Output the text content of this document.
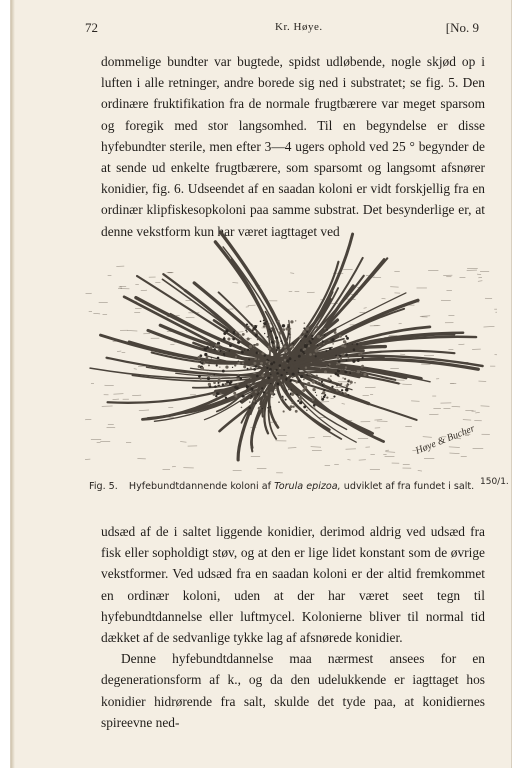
72	Kr. Høye.	[No. 9

dommelige bundter var bugtede, spidst udløbende, nogle skjød op i luften i alle retninger, andre borede sig ned i substratet; se fig. 5. Den ordinære fruktifikation fra de normale frugtbærere var meget sparsom og foregik med stor langsomhed. Til en begyndelse er disse hyfebundter sterile, men efter 3—4 ugers ophold ved 25 ° begynder de at sende ud enkelte frugtbærere, som sparsomt og langsomt afsnører konidier, fig. 6. Udseendet af en saadan koloni er vidt forskjellig fra en ordinær klipfiskesopkoloni paa samme substrat. Det besynderlige er, at denne vekstform kun har været iagttaget ved

Høye & Bucher
Fig. 5. Hyfebundtdannende koloni af Torula epizoa, udviklet af fra fundet i salt. 150/1.

udsæd af de i saltet liggende konidier, derimod aldrig ved udsæd fra fisk eller sopholdigt støv, og at den er lige lidet konstant som de øvrige vekstformer. Ved udsæd fra en saadan koloni er der altid fremkommet en ordinær koloni, uden at der har været seet tegn til hyfebundtdannelse eller luftmycel. Kolonierne bliver til normal tid dækket af de sedvanlige tykke lag af afsnørede konidier.

Denne hyfebundtdannelse maa nærmest ansees for en degenerationsform af k., og da den udelukkende er iagttaget hos konidier hidrørende fra salt, skulde det tyde paa, at konidiernes spireevne ned-
